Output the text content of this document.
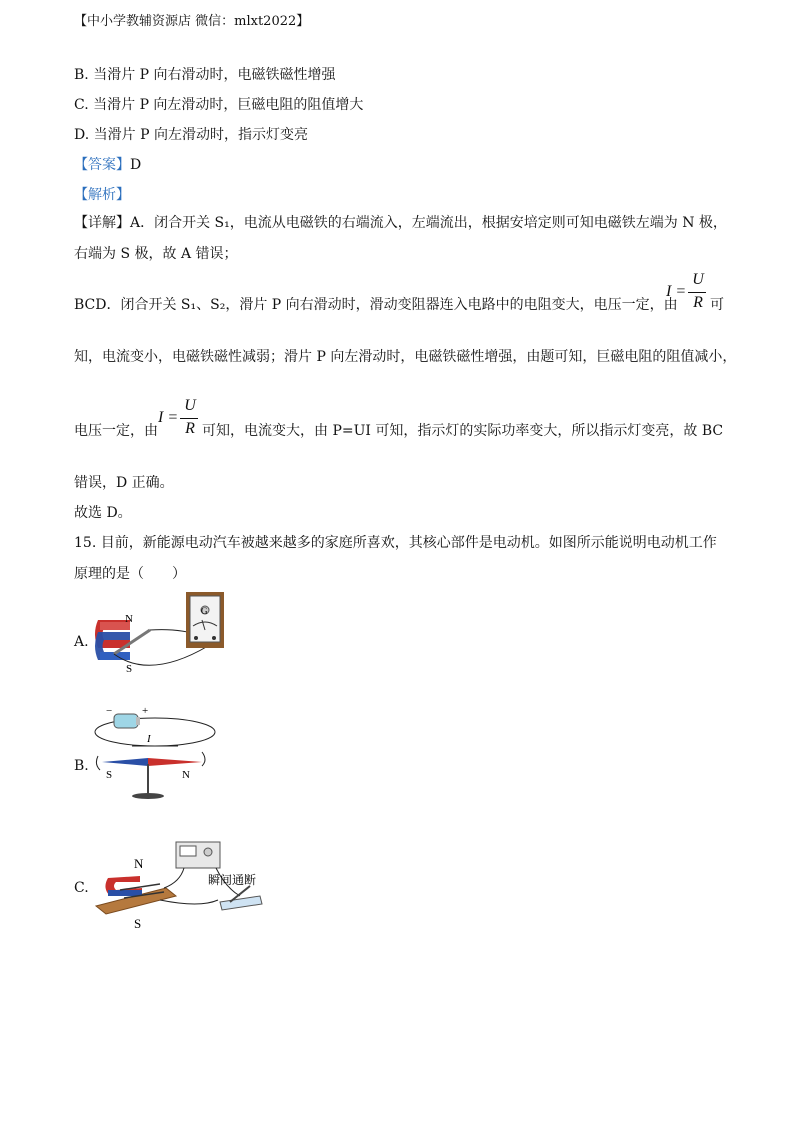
【中小学教辅资源店 微信：mlxt2022】
B. 当滑片 P 向右滑动时，电磁铁磁性增强
C. 当滑片 P 向左滑动时，巨磁电阻的阻值增大
D. 当滑片 P 向左滑动时，指示灯变亮
【答案】D
【解析】
【详解】A．闭合开关 S₁，电流从电磁铁的右端流入，左端流出，根据安培定则可知电磁铁左端为 N 极，
右端为 S 极，故 A 错误；
BCD．闭合开关 S₁、S₂，滑片 P 向右滑动时，滑动变阻器连入电路中的电阻变大，电压一定，由
I =
U
R 可
知，电流变小，电磁铁磁性减弱；滑片 P 向左滑动时，电磁铁磁性增强，由题可知，巨磁电阻的阻值减小，
电压一定，由
I =
U
R 可知，电流变大，由 P=UI 可知，指示灯的实际功率变大，所以指示灯变亮，故 BC
错误，D 正确。
故选 D。
15. 目前，新能源电动汽车被越来越多的家庭所喜欢，其核心部件是电动机。如图所示能说明电动机工作
原理的是（　　）
A.
N
S
G
B.
−	+
I
S	N
C.
N
S
瞬间通断
